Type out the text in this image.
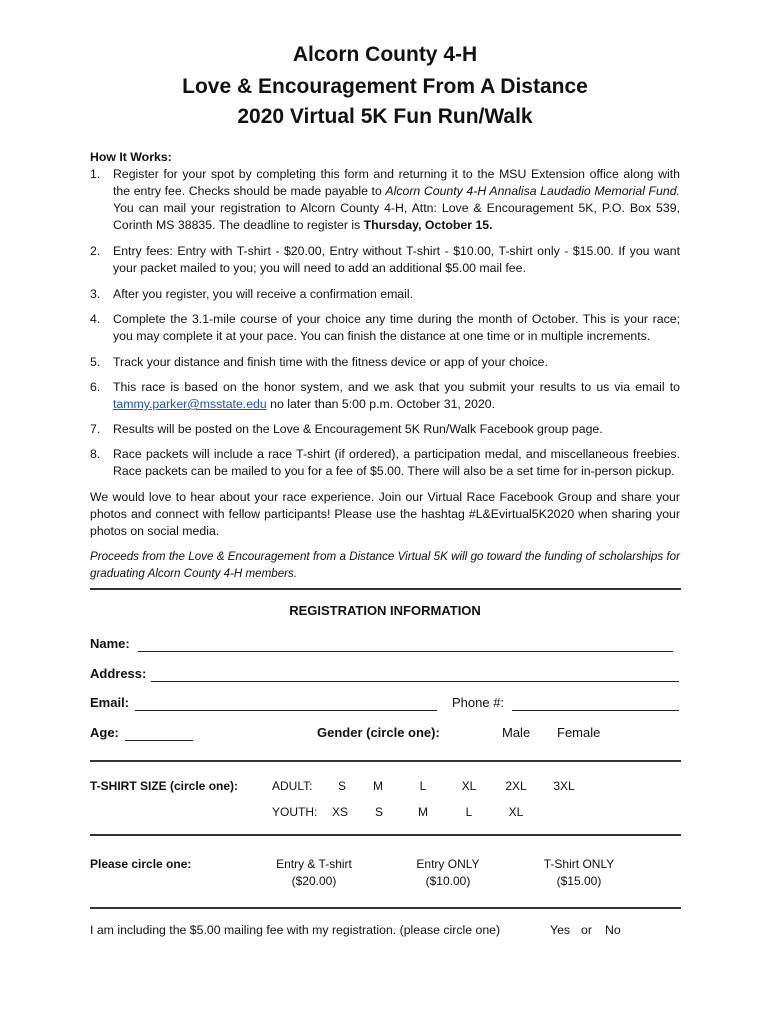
Alcorn County 4-H
Love & Encouragement From A Distance
2020 Virtual 5K Fun Run/Walk
How It Works:
1.	Register for your spot by completing this form and returning it to the MSU Extension office along with the entry fee. Checks should be made payable to Alcorn County 4-H Annalisa Laudadio Memorial Fund. You can mail your registration to Alcorn County 4-H, Attn: Love & Encouragement 5K, P.O. Box 539, Corinth MS 38835. The deadline to register is Thursday, October 15.
2.	Entry fees: Entry with T-shirt - $20.00, Entry without T-shirt - $10.00, T-shirt only - $15.00. If you want your packet mailed to you; you will need to add an additional $5.00 mail fee.
3.	After you register, you will receive a confirmation email.
4.	Complete the 3.1-mile course of your choice any time during the month of October. This is your race; you may complete it at your pace. You can finish the distance at one time or in multiple increments.
5.	Track your distance and finish time with the fitness device or app of your choice.
6.	This race is based on the honor system, and we ask that you submit your results to us via email to tammy.parker@msstate.edu no later than 5:00 p.m. October 31, 2020.
7.	Results will be posted on the Love & Encouragement 5K Run/Walk Facebook group page.
8.	Race packets will include a race T-shirt (if ordered), a participation medal, and miscellaneous freebies. Race packets can be mailed to you for a fee of $5.00. There will also be a set time for in-person pickup.
We would love to hear about your race experience. Join our Virtual Race Facebook Group and share your photos and connect with fellow participants! Please use the hashtag #L&Evirtual5K2020 when sharing your photos on social media.
Proceeds from the Love & Encouragement from a Distance Virtual 5K will go toward the funding of scholarships for graduating Alcorn County 4-H members.
REGISTRATION INFORMATION
Name:
Address:
Email:	Phone #:
Age:	Gender (circle one):	Male Female
T-SHIRT SIZE (circle one):	ADULT: S M	L	XL	2XL 3XL
YOUTH: XS S	M	L	XL
Please circle one:	Entry & T-shirt
($20.00)
Entry ONLY
($10.00)
T-Shirt ONLY
($15.00)
I am including the $5.00 mailing fee with my registration. (please circle one)	Yes or No
